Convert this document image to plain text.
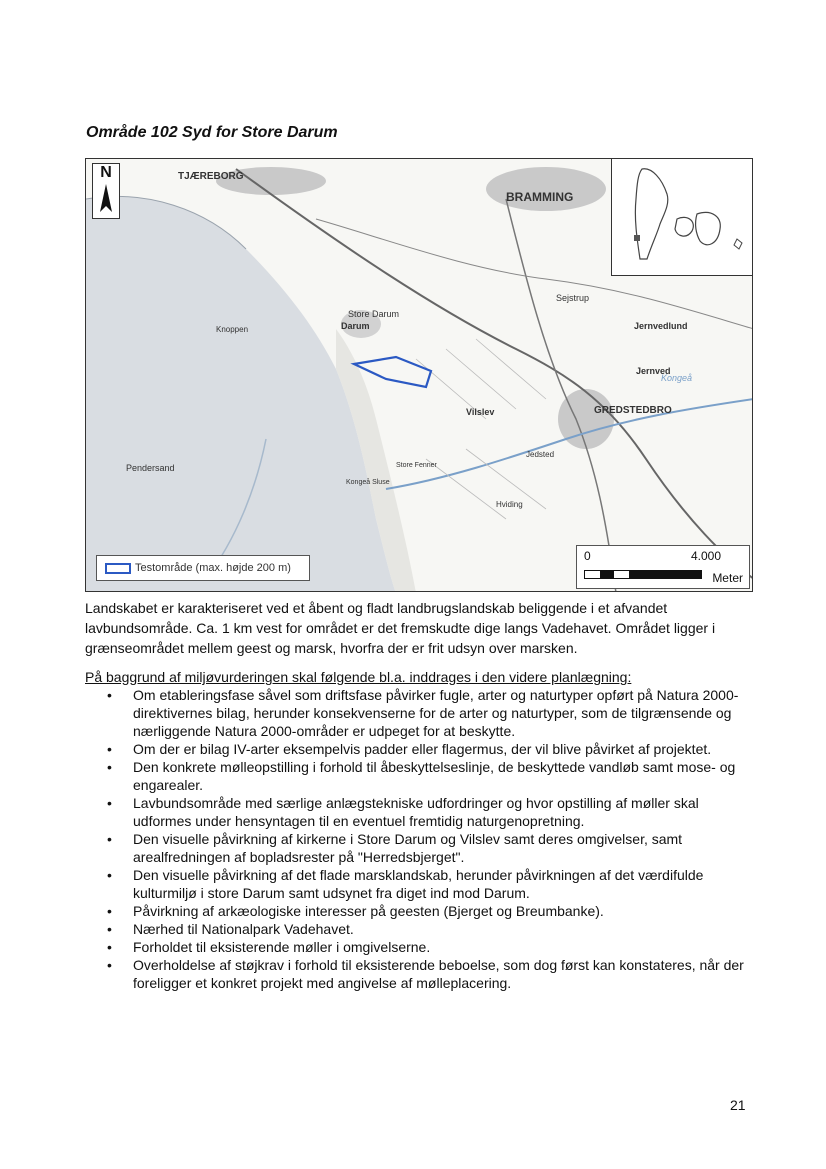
Område 102 Syd for Store Darum
TJÆREBORG
BRAMMING
Store Darum
Sejstrup
Jernvedlund
Jernved
GREDSTEDBRO
Vilslev
Jedsted
Hviding
Kongeå
Pendersand
Knoppen
Kongeå Sluse
Store Fenner
Darum
N
Testområde (max. højde 200 m)
0	4.000
Meter

Landskabet er karakteriseret ved et åbent og fladt landbrugslandskab beliggende i et afvandet lavbundsområde. Ca. 1 km vest for området er det fremskudte dige langs Vadehavet. Området ligger i grænseområdet mellem geest og marsk, hvorfra der er frit udsyn over marsken.

På baggrund af miljøvurderingen skal følgende bl.a. inddrages i den videre planlægning:

• Om etableringsfase såvel som driftsfase påvirker fugle, arter og naturtyper opført på Natura 2000-direktivernes bilag, herunder konsekvenserne for de arter og naturtyper, som de tilgrænsende og nærliggende Natura 2000-områder er udpeget for at beskytte.
• Om der er bilag IV-arter eksempelvis padder eller flagermus, der vil blive påvirket af projektet.
• Den konkrete mølleopstilling i forhold til åbeskyttelseslinje, de beskyttede vandløb samt mose- og engarealer.
• Lavbundsområde med særlige anlægstekniske udfordringer og hvor opstilling af møller skal udformes under hensyntagen til en eventuel fremtidig naturgenopretning.
• Den visuelle påvirkning af kirkerne i Store Darum og Vilslev samt deres omgivelser, samt arealfredningen af bopladsrester på "Herredsbjerget".
• Den visuelle påvirkning af det flade marsklandskab, herunder påvirkningen af det værdifulde kulturmiljø i store Darum samt udsynet fra diget ind mod Darum.
• Påvirkning af arkæologiske interesser på geesten (Bjerget og Breumbanke).
• Nærhed til Nationalpark Vadehavet.
• Forholdet til eksisterende møller i omgivelserne.
• Overholdelse af støjkrav i forhold til eksisterende beboelse, som dog først kan konstateres, når der foreligger et konkret projekt med angivelse af mølleplacering.
21
